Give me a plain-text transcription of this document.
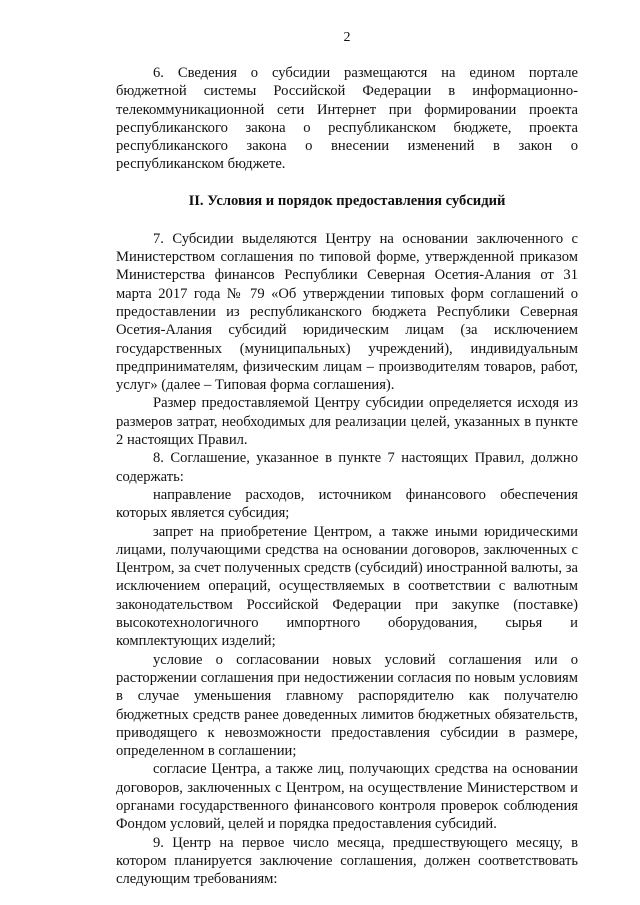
2

6. Сведения о субсидии размещаются на едином портале бюджетной системы Российской Федерации в информационно-телекоммуникационной сети Интернет при формировании проекта республиканского закона о республиканском бюджете, проекта республиканского закона о внесении изменений в закон о республиканском бюджете.

II. Условия и порядок предоставления субсидий

7. Субсидии выделяются Центру на основании заключенного с Министерством соглашения по типовой форме, утвержденной приказом Министерства финансов Республики Северная Осетия-Алания от 31 марта 2017 года № 79 «Об утверждении типовых форм соглашений о предоставлении из республиканского бюджета Республики Северная Осетия-Алания субсидий юридическим лицам (за исключением государственных (муниципальных) учреждений), индивидуальным предпринимателям, физическим лицам – производителям товаров, работ, услуг» (далее – Типовая форма соглашения).

Размер предоставляемой Центру субсидии определяется исходя из размеров затрат, необходимых для реализации целей, указанных в пункте 2 настоящих Правил.

8. Соглашение, указанное в пункте 7 настоящих Правил, должно содержать:

направление расходов, источником финансового обеспечения которых является субсидия;

запрет на приобретение Центром, а также иными юридическими лицами, получающими средства на основании договоров, заключенных с Центром, за счет полученных средств (субсидий) иностранной валюты, за исключением операций, осуществляемых в соответствии с валютным законодательством Российской Федерации при закупке (поставке) высокотехнологичного импортного оборудования, сырья и комплектующих изделий;

условие о согласовании новых условий соглашения или о расторжении соглашения при недостижении согласия по новым условиям в случае уменьшения главному распорядителю как получателю бюджетных средств ранее доведенных лимитов бюджетных обязательств, приводящего к невозможности предоставления субсидии в размере, определенном в соглашении;

согласие Центра, а также лиц, получающих средства на основании договоров, заключенных с Центром, на осуществление Министерством и органами государственного финансового контроля проверок соблюдения Фондом условий, целей и порядка предоставления субсидий.

9. Центр на первое число месяца, предшествующего месяцу, в котором планируется заключение соглашения, должен соответствовать следующим требованиям:
